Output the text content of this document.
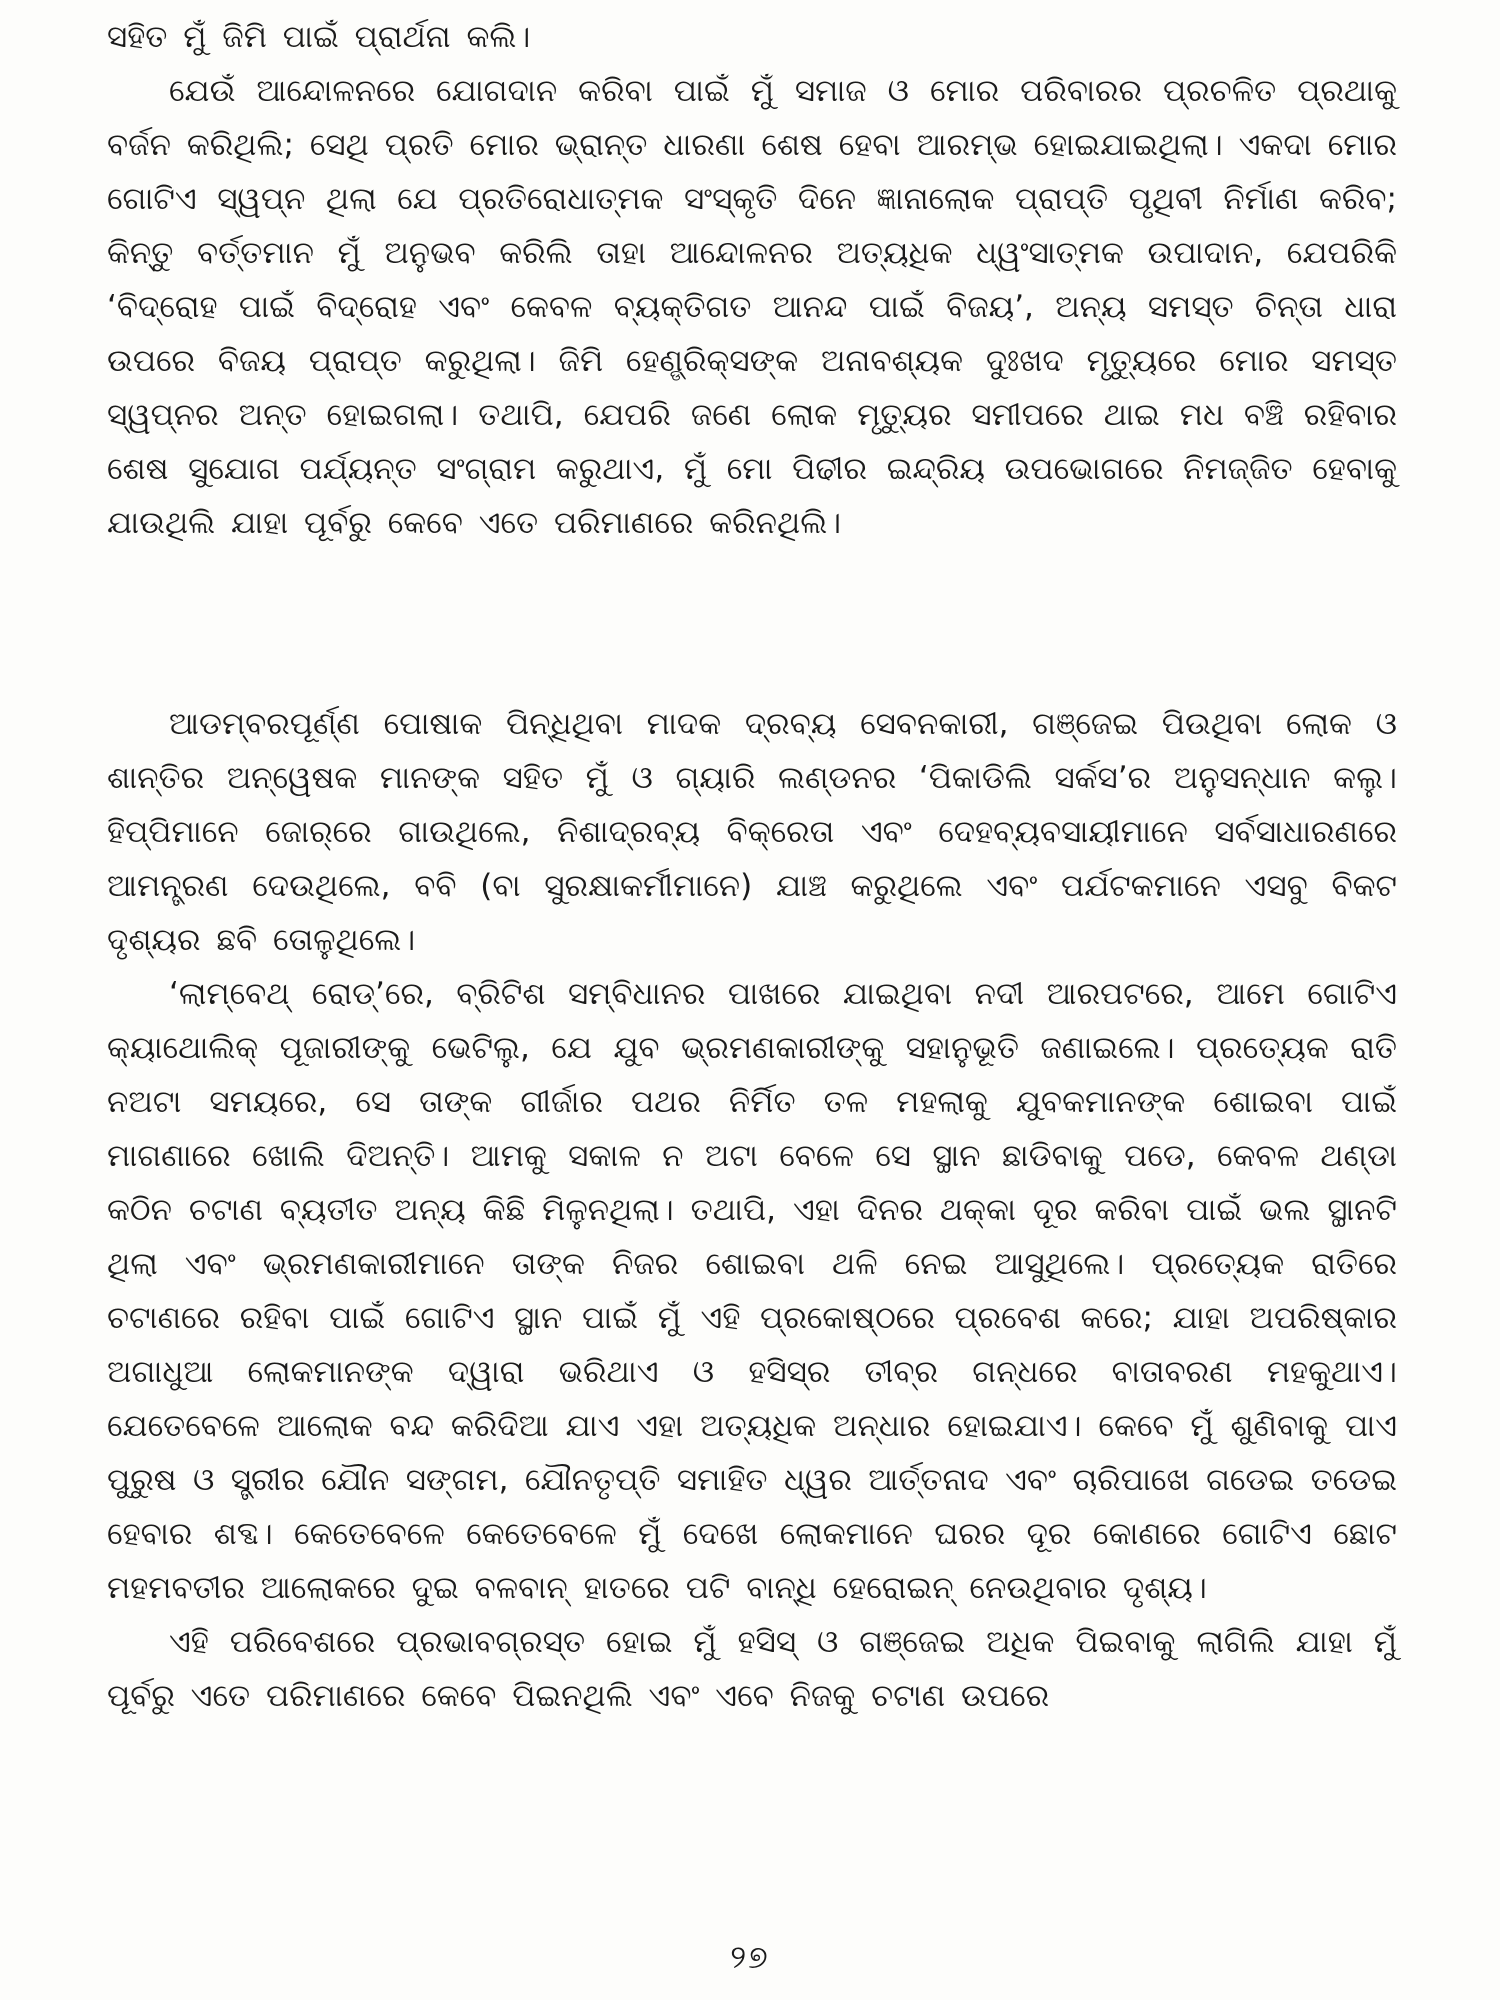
ସହିତ ମୁଁ ଜିମି ପାଇଁ ପ୍ରାର୍ଥନା କଲି।

ଯେଉଁ ଆନ୍ଦୋଳନରେ ଯୋଗଦାନ କରିବା ପାଇଁ ମୁଁ ସମାଜ ଓ ମୋର ପରିବାରର ପ୍ରଚଳିତ ପ୍ରଥାକୁ ବର୍ଜନ କରିଥିଲି; ସେଥି ପ୍ରତି ମୋର ଭ୍ରାନ୍ତ ଧାରଣା ଶେଷ ହେବା ଆରମ୍ଭ ହୋଇଯାଇଥିଲା। ଏକଦା ମୋର ଗୋଟିଏ ସ୍ୱପ୍ନ ଥିଲା ଯେ ପ୍ରତିରୋଧାତ୍ମକ ସଂସ୍କୃତି ଦିନେ ଜ୍ଞାନାଲୋକ ପ୍ରାପ୍ତି ପୃଥିବୀ ନିର୍ମାଣ କରିବ; କିନ୍ତୁ ବର୍ତ୍ତମାନ ମୁଁ ଅନୁଭବ କରିଲି ତାହା ଆନ୍ଦୋଳନର ଅତ୍ୟଧିକ ଧ୍ୱଂସାତ୍ମକ ଉପାଦାନ, ଯେପରିକି ‘ବିଦ୍ରୋହ ପାଇଁ ବିଦ୍ରୋହ ଏବଂ କେବଳ ବ୍ୟକ୍ତିଗତ ଆନନ୍ଦ ପାଇଁ ବିଜୟ’, ଅନ୍ୟ ସମସ୍ତ ଚିନ୍ତା ଧାରା ଉପରେ ବିଜୟ ପ୍ରାପ୍ତ କରୁଥିଲା। ଜିମି ହେଣ୍ଡ୍ରିକ୍ସଙ୍କ ଅନାବଶ୍ୟକ ଦୁଃଖଦ ମୃତ୍ୟୁରେ ମୋର ସମସ୍ତ ସ୍ୱପ୍ନର ଅନ୍ତ ହୋଇଗଲା। ତଥାପି, ଯେପରି ଜଣେ ଲୋକ ମୃତ୍ୟୁର ସମୀପରେ ଥାଇ ମଧ ବଞ୍ଚି ରହିବାର ଶେଷ ସୁଯୋଗ ପର୍ଯ୍ୟନ୍ତ ସଂଗ୍ରାମ କରୁଥାଏ, ମୁଁ ମୋ ପିଢୀର ଇନ୍ଦ୍ରିୟ ଉପଭୋଗରେ ନିମଜ୍ଜିତ ହେବାକୁ ଯାଉଥିଲି ଯାହା ପୂର୍ବରୁ କେବେ ଏତେ ପରିମାଣରେ କରିନଥିଲି।

ଆଡମ୍ବରପୂର୍ଣ୍ଣ ପୋଷାକ ପିନ୍ଧିଥିବା ମାଦକ ଦ୍ରବ୍ୟ ସେବନକାରୀ, ଗଞ୍ଜେଇ ପିଉଥିବା ଲୋକ ଓ ଶାନ୍ତିର ଅନ୍ୱେଷକ ମାନଙ୍କ ସହିତ ମୁଁ ଓ ଗ୍ୟାରି ଲଣ୍ଡନର ‘ପିକାଡିଲି ସର୍କସ’ର ଅନୁସନ୍ଧାନ କଲୁ। ହିପ୍ପିମାନେ ଜୋର୍‌ରେ ଗାଉଥିଲେ, ନିଶାଦ୍ରବ୍ୟ ବିକ୍ରେତା ଏବଂ ଦେହବ୍ୟବସାୟୀମାନେ ସର୍ବସାଧାରଣରେ ଆମନ୍ତ୍ରଣ ଦେଉଥିଲେ, ବବି (ବା ସୁରକ୍ଷାକର୍ମୀମାନେ) ଯାଞ୍ଚ କରୁଥିଲେ ଏବଂ ପର୍ଯଟକମାନେ ଏସବୁ ବିକଟ ଦୃଶ୍ୟର ଛବି ତୋଳୁଥିଲେ।

‘ଲାମ୍ବେଥ୍ ରୋଡ୍’ରେ, ବ୍ରିଟିଶ ସମ୍ବିଧାନର ପାଖରେ ଯାଇଥିବା ନଦୀ ଆରପଟରେ, ଆମେ ଗୋଟିଏ କ୍ୟାଥୋଲିକ୍ ପୂଜାରୀଙ୍କୁ ଭେଟିଲୁ, ଯେ ଯୁବ ଭ୍ରମଣକାରୀଙ୍କୁ ସହାନୁଭୂତି ଜଣାଇଲେ। ପ୍ରତ୍ୟେକ ରାତି ନଅଟା ସମୟରେ, ସେ ତାଙ୍କ ଗୀର୍ଜାର ପଥର ନିର୍ମିତ ତଳ ମହଲାକୁ ଯୁବକମାନଙ୍କ ଶୋଇବା ପାଇଁ ମାଗଣାରେ ଖୋଲି ଦିଅନ୍ତି। ଆମକୁ ସକାଳ ନ ଅଟା ବେଳେ ସେ ସ୍ଥାନ ଛାଡିବାକୁ ପଡେ, କେବଳ ଥଣ୍ଡା କଠିନ ଚଟାଣ ବ୍ୟତୀତ ଅନ୍ୟ କିଛି ମିଳୁନଥିଲା। ତଥାପି, ଏହା ଦିନର ଥକ୍କା ଦୂର କରିବା ପାଇଁ ଭଲ ସ୍ଥାନଟି ଥିଲା ଏବଂ ଭ୍ରମଣକାରୀମାନେ ତାଙ୍କ ନିଜର ଶୋଇବା ଥଳି ନେଇ ଆସୁଥିଲେ। ପ୍ରତ୍ୟେକ ରାତିରେ ଚଟାଣରେ ରହିବା ପାଇଁ ଗୋଟିଏ ସ୍ଥାନ ପାଇଁ ମୁଁ ଏହି ପ୍ରକୋଷ୍ଠରେ ପ୍ରବେଶ କରେ; ଯାହା ଅପରିଷ୍କାର ଅଗାଧୁଆ ଲୋକମାନଙ୍କ ଦ୍ୱାରା ଭରିଥାଏ ଓ ହସିସ୍‌ର ତୀବ୍ର ଗନ୍ଧରେ ବାତାବରଣ ମହକୁଥାଏ। ଯେତେବେଳେ ଆଲୋକ ବନ୍ଦ କରିଦିଆ ଯାଏ ଏହା ଅତ୍ୟଧିକ ଅନ୍ଧାର ହୋଇଯାଏ। କେବେ ମୁଁ ଶୁଣିବାକୁ ପାଏ ପୁରୁଷ ଓ ସ୍ତ୍ରୀର ଯୌନ ସଙ୍ଗମ, ଯୌନତୃପ୍ତି ସମାହିତ ଧ୍ୱର ଆର୍ତ୍ତନାଦ ଏବଂ ଚାରିପାଖେ ଗଡେଇ ତଡେଇ ହେବାର ଶବ୍ଦ। କେତେବେଳେ କେତେବେଳେ ମୁଁ ଦେଖେ ଲୋକମାନେ ଘରର ଦୂର କୋଣରେ ଗୋଟିଏ ଛୋଟ ମହମବତୀର ଆଲୋକରେ ଦୁଇ ବଳବାନ୍ ହାତରେ ପଟି ବାନ୍ଧି ହେରୋଇନ୍ ନେଉଥିବାର ଦୃଶ୍ୟ।

ଏହି ପରିବେଶରେ ପ୍ରଭାବଗ୍ରସ୍ତ ହୋଇ ମୁଁ ହସିସ୍ ଓ ଗଞ୍ଜେଇ ଅଧିକ ପିଇବାକୁ ଲାଗିଲି ଯାହା ମୁଁ ପୂର୍ବରୁ ଏତେ ପରିମାଣରେ କେବେ ପିଇନଥିଲି ଏବଂ ଏବେ ନିଜକୁ ଚଟାଣ ଉପରେ

୨୭
